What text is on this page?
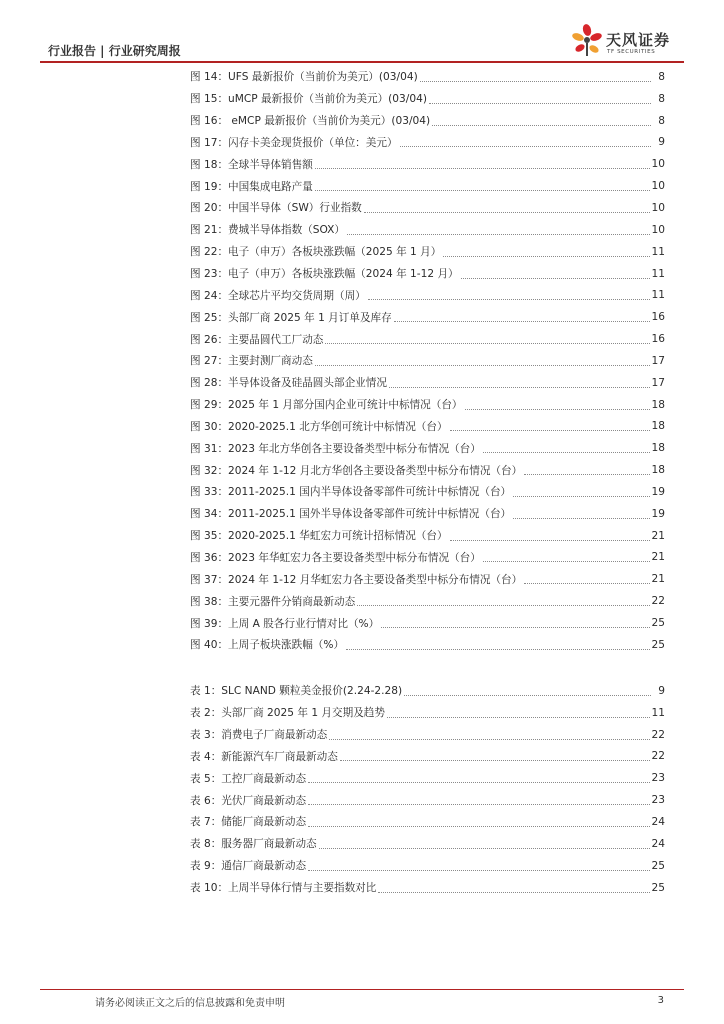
行业报告 | 行业研究周报
天风证券
TF SECURITIES
图 14：UFS 最新报价（当前价为美元）(03/04)	8
图 15：uMCP 最新报价（当前价为美元）(03/04)	8
图 16： eMCP 最新报价（当前价为美元）(03/04)	8
图 17：闪存卡美金现货报价（单位：美元）	9
图 18：全球半导体销售额	10
图 19：中国集成电路产量	10
图 20：中国半导体（SW）行业指数	10
图 21：费城半导体指数（SOX）	10
图 22：电子（申万）各板块涨跌幅（2025 年 1 月）	11
图 23：电子（申万）各板块涨跌幅（2024 年 1-12 月）	11
图 24：全球芯片平均交货周期（周）	11
图 25：头部厂商 2025 年 1 月订单及库存	16
图 26：主要晶圆代工厂动态	16
图 27：主要封测厂商动态	17
图 28：半导体设备及硅晶圆头部企业情况	17
图 29：2025 年 1 月部分国内企业可统计中标情况（台）	18
图 30：2020-2025.1 北方华创可统计中标情况（台）	18
图 31：2023 年北方华创各主要设备类型中标分布情况（台）	18
图 32：2024 年 1-12 月北方华创各主要设备类型中标分布情况（台）	18
图 33：2011-2025.1 国内半导体设备零部件可统计中标情况（台）	19
图 34：2011-2025.1 国外半导体设备零部件可统计中标情况（台）	19
图 35：2020-2025.1 华虹宏力可统计招标情况（台）	21
图 36：2023 年华虹宏力各主要设备类型中标分布情况（台）	21
图 37：2024 年 1-12 月华虹宏力各主要设备类型中标分布情况（台）	21
图 38：主要元器件分销商最新动态	22
图 39：上周 A 股各行业行情对比（%）	25
图 40：上周子板块涨跌幅（%）	25
表 1：SLC NAND 颗粒美金报价(2.24-2.28)	9
表 2：头部厂商 2025 年 1 月交期及趋势	11
表 3：消费电子厂商最新动态	22
表 4：新能源汽车厂商最新动态	22
表 5：工控厂商最新动态	23
表 6：光伏厂商最新动态	23
表 7：储能厂商最新动态	24
表 8：服务器厂商最新动态	24
表 9：通信厂商最新动态	25
表 10：上周半导体行情与主要指数对比	25
请务必阅读正文之后的信息披露和免责申明	3
